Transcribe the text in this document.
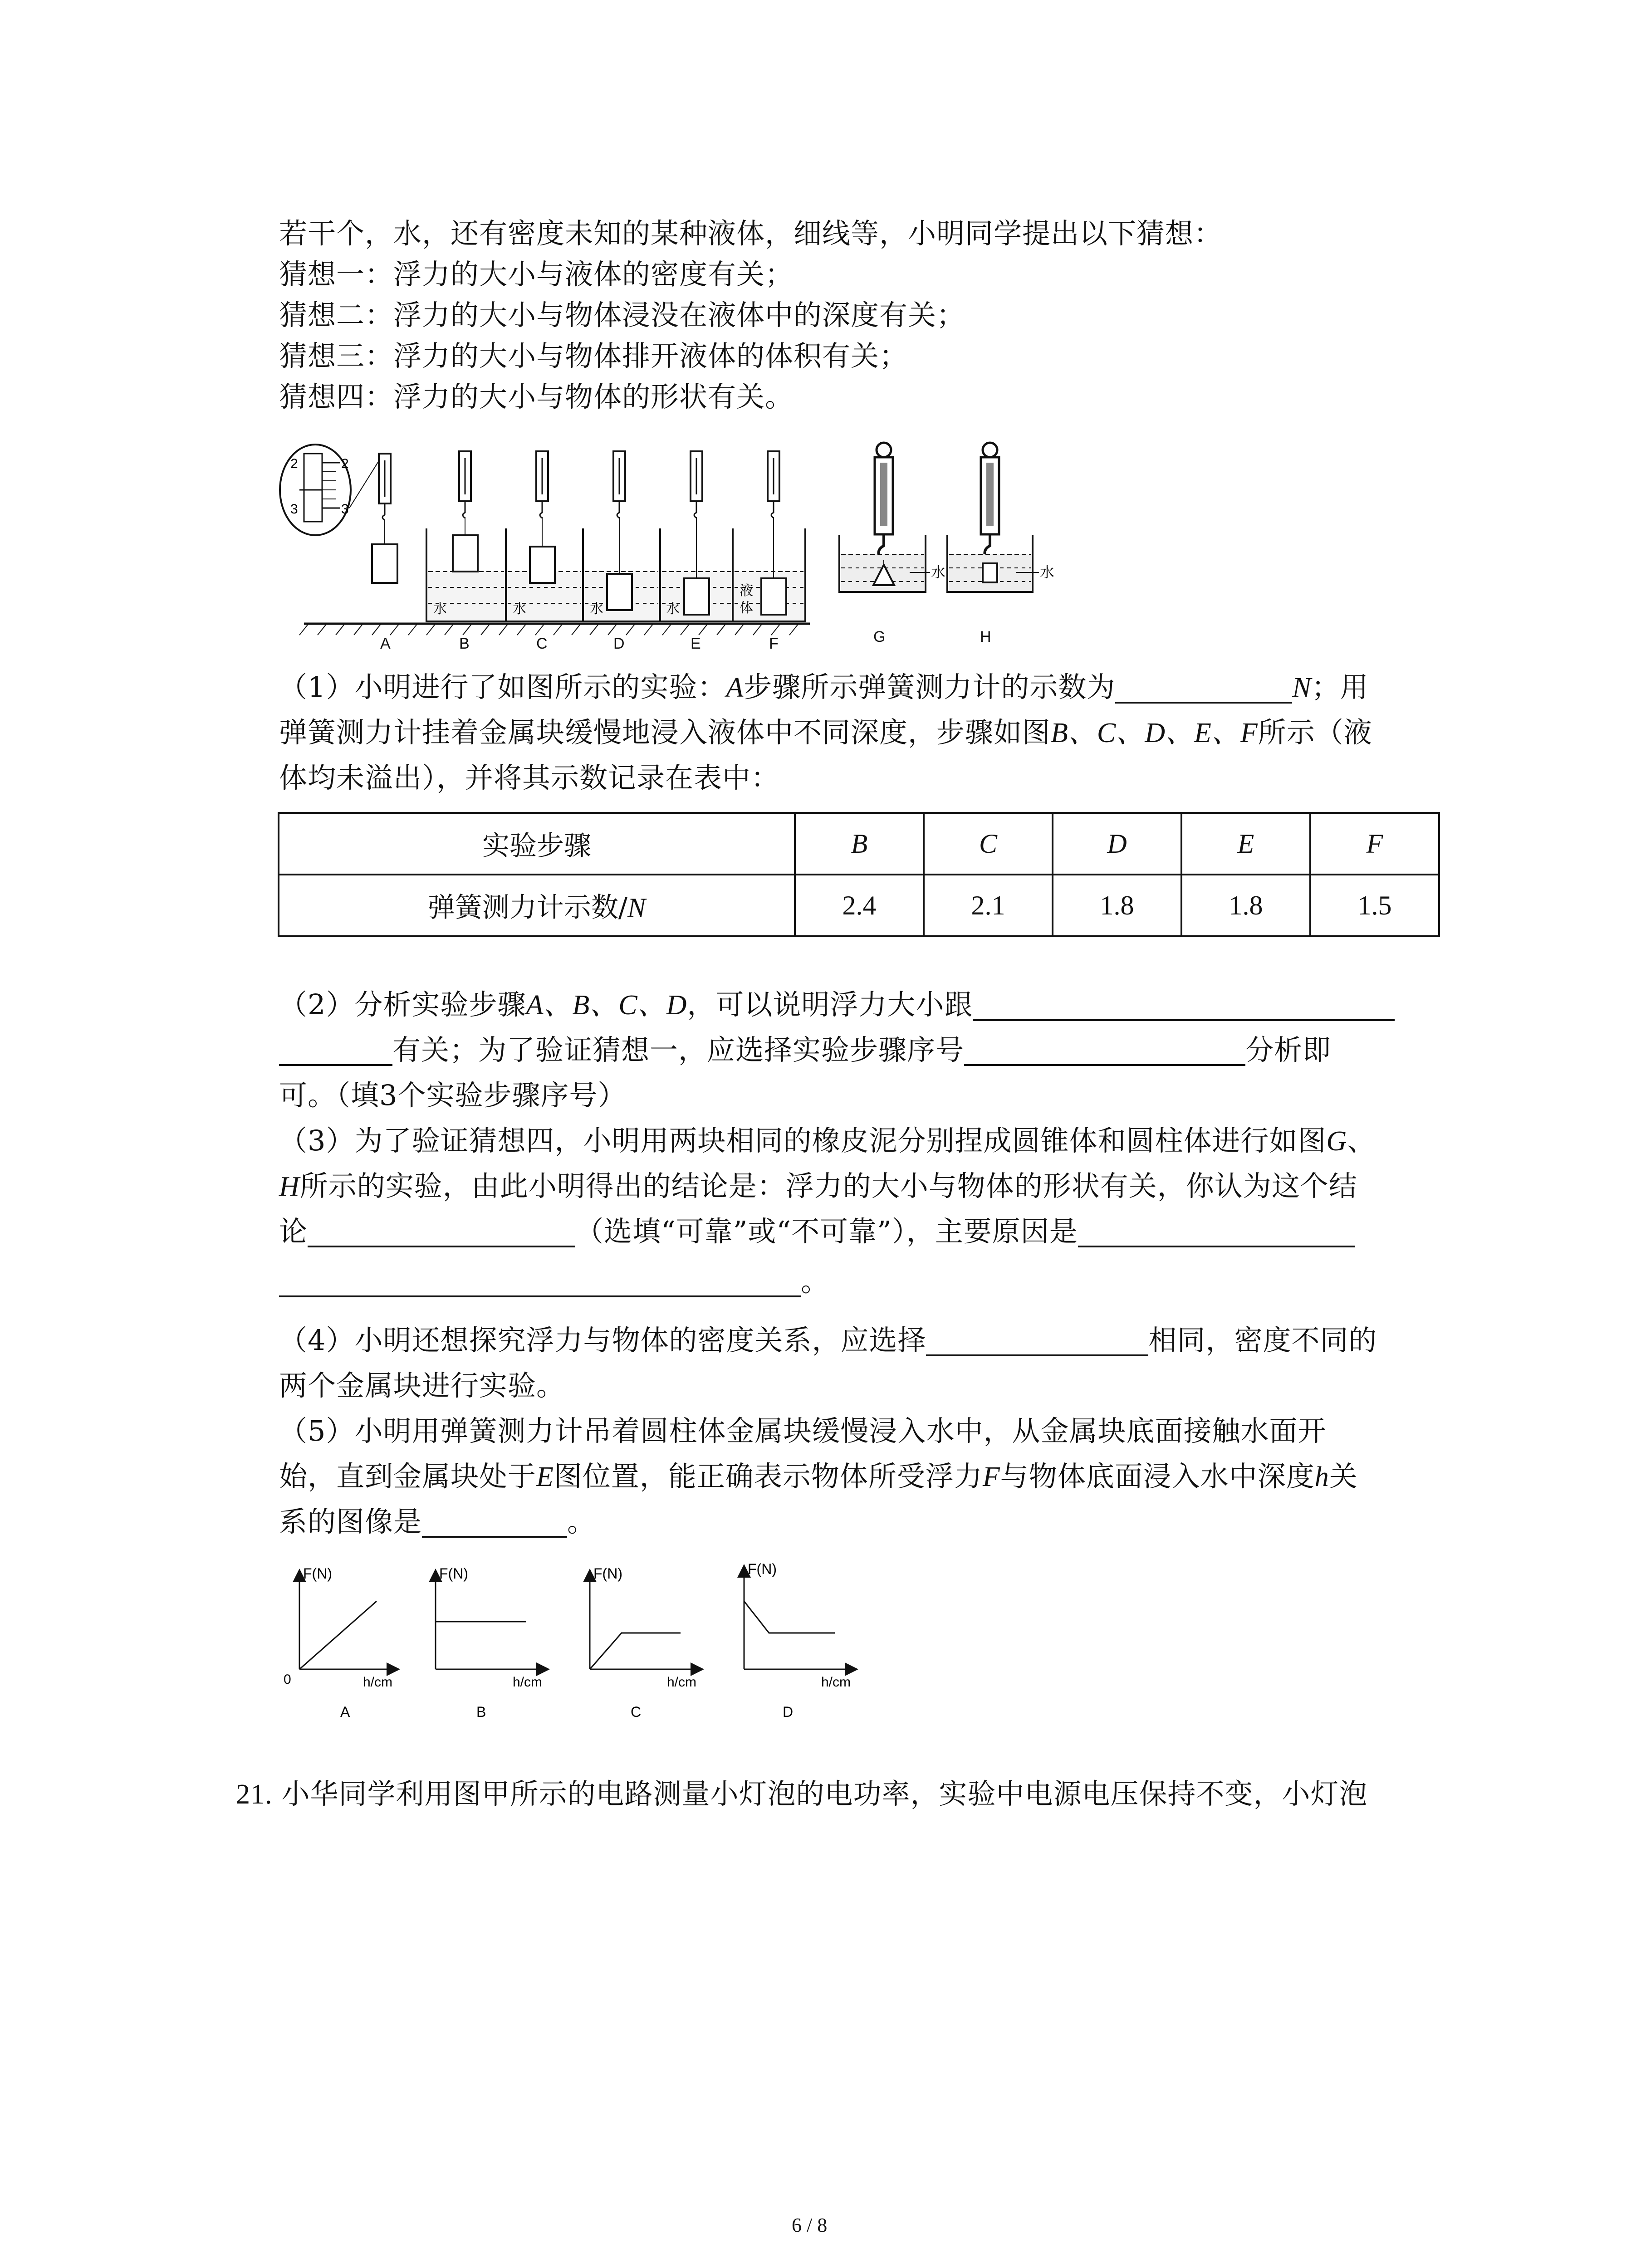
若干个，水，还有密度未知的某种液体，细线等，小明同学提出以下猜想：
猜想一：浮力的大小与液体的密度有关；
猜想二：浮力的大小与物体浸没在液体中的深度有关；
猜想三：浮力的大小与物体排开液体的体积有关；
猜想四：浮力的大小与物体的形状有关。
2	2
3	3
水	水	水	水
液
体
水	水
A	B	C	D	E	F	G	H
（1）小明进行了如图所示的实验：A步骤所示弹簧测力计的示数为	N；用
弹簧测力计挂着金属块缓慢地浸入液体中不同深度，步骤如图B、C、D、E、F所示（液
体均未溢出），并将其示数记录在表中：
实验步骤	B	C	D	E	F
弹簧测力计示数/N	2.4	2.1	1.8	1.8	1.5
（2）分析实验步骤A、B、C、D，可以说明浮力大小跟
有关；为了验证猜想一，应选择实验步骤序号	分析即
可。（填3个实验步骤序号）
（3）为了验证猜想四，小明用两块相同的橡皮泥分别捏成圆锥体和圆柱体进行如图G、
H所示的实验，由此小明得出的结论是：浮力的大小与物体的形状有关，你认为这个结
论	（选填“可靠”或“不可靠”），主要原因是
。
（4）小明还想探究浮力与物体的密度关系，应选择	相同，密度不同的
两个金属块进行实验。
（5）小明用弹簧测力计吊着圆柱体金属块缓慢浸入水中，从金属块底面接触水面开
始，直到金属块处于E图位置，能正确表示物体所受浮力F与物体底面浸入水中深度h关
系的图像是	。
F(N)
0	h/cm
A
F(N)
h/cm
B
F(N)
h/cm
C
F(N)
h/cm
D
21. 小华同学利用图甲所示的电路测量小灯泡的电功率，实验中电源电压保持不变，小灯泡
6 / 8
